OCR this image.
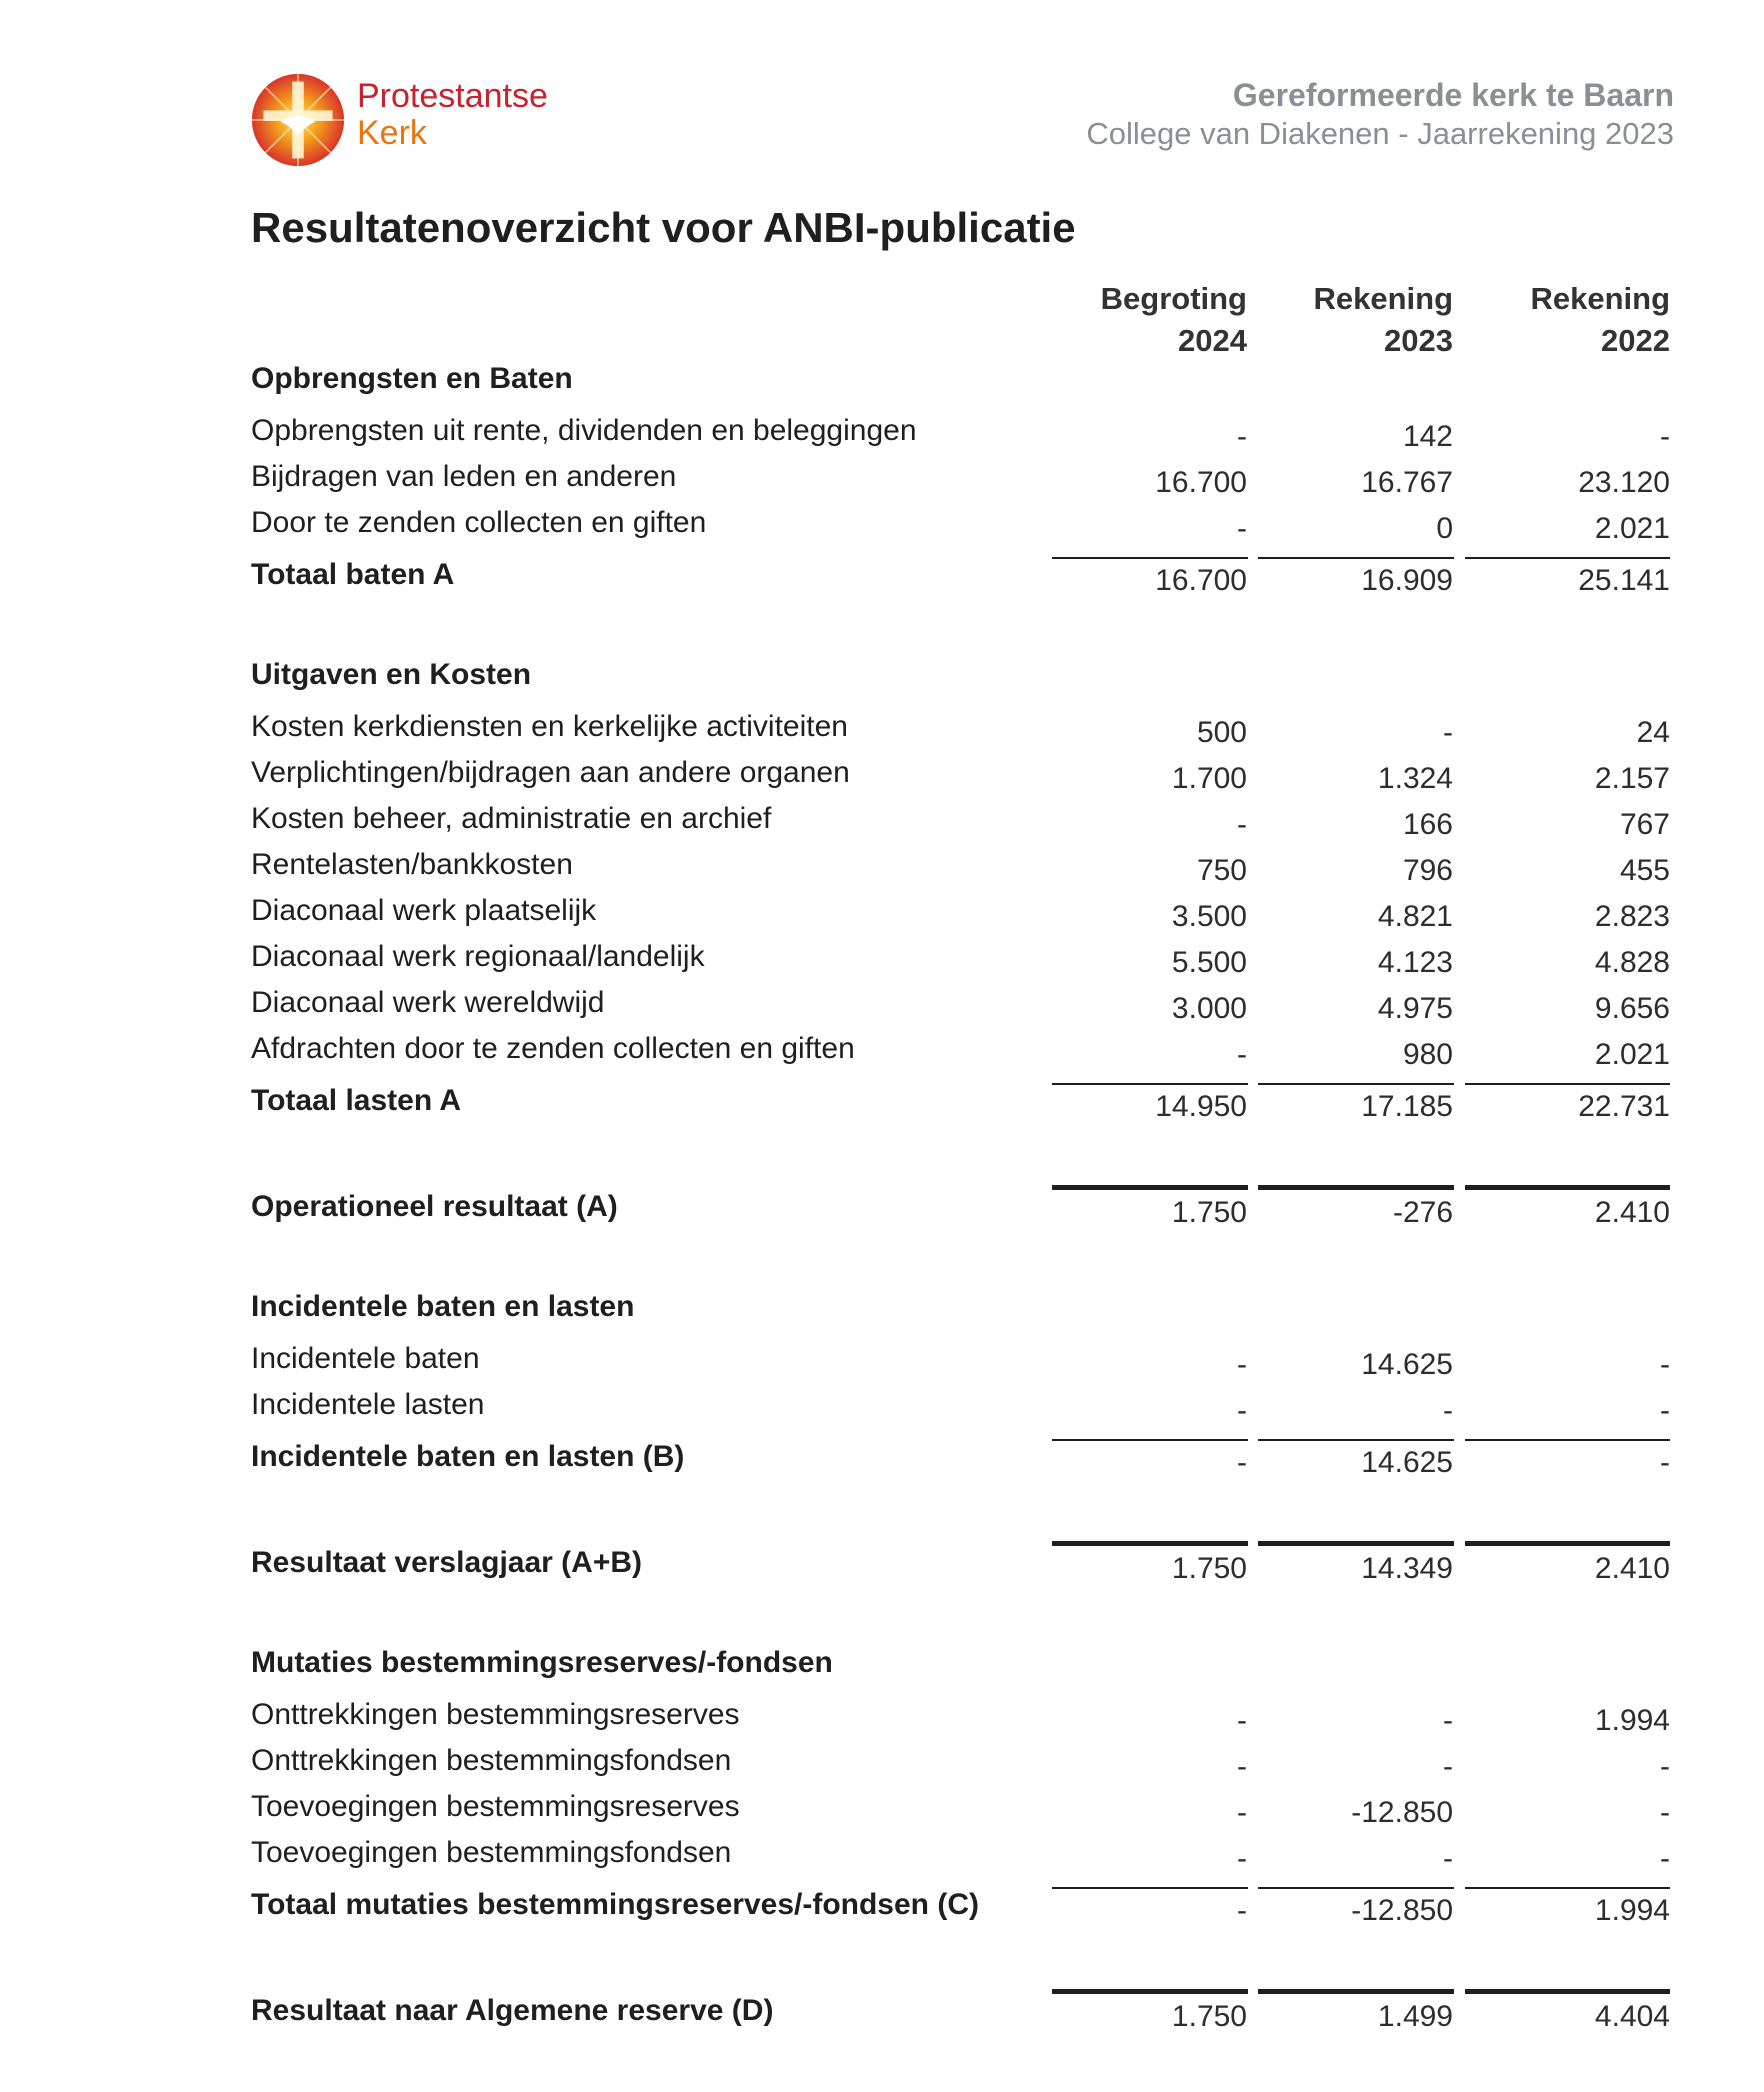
Protestantse
Kerk
Gereformeerde kerk te Baarn
College van Diakenen - Jaarrekening 2023
Resultatenoverzicht voor ANBI-publicatie
Begroting
2024
Rekening
2023
Rekening
2022
Opbrengsten en Baten
Opbrengsten uit rente, dividenden en beleggingen	-	142	-
Bijdragen van leden en anderen	16.700	16.767	23.120
Door te zenden collecten en giften	-	0	2.021
Totaal baten A	16.700	16.909	25.141
Uitgaven en Kosten
Kosten kerkdiensten en kerkelijke activiteiten	500	-	24
Verplichtingen/bijdragen aan andere organen	1.700	1.324	2.157
Kosten beheer, administratie en archief	-	166	767
Rentelasten/bankkosten	750	796	455
Diaconaal werk plaatselijk	3.500	4.821	2.823
Diaconaal werk regionaal/landelijk	5.500	4.123	4.828
Diaconaal werk wereldwijd	3.000	4.975	9.656
Afdrachten door te zenden collecten en giften	-	980	2.021
Totaal lasten A	14.950	17.185	22.731
Operationeel resultaat (A)	1.750	-276	2.410
Incidentele baten en lasten
Incidentele baten	-	14.625	-
Incidentele lasten	-	-	-
Incidentele baten en lasten (B)	-	14.625	-
Resultaat verslagjaar (A+B)	1.750	14.349	2.410
Mutaties bestemmingsreserves/-fondsen
Onttrekkingen bestemmingsreserves	-	-	1.994
Onttrekkingen bestemmingsfondsen	-	-	-
Toevoegingen bestemmingsreserves	-	-12.850	-
Toevoegingen bestemmingsfondsen	-	-	-
Totaal mutaties bestemmingsreserves/-fondsen (C)	-	-12.850	1.994
Resultaat naar Algemene reserve (D)	1.750	1.499	4.404
